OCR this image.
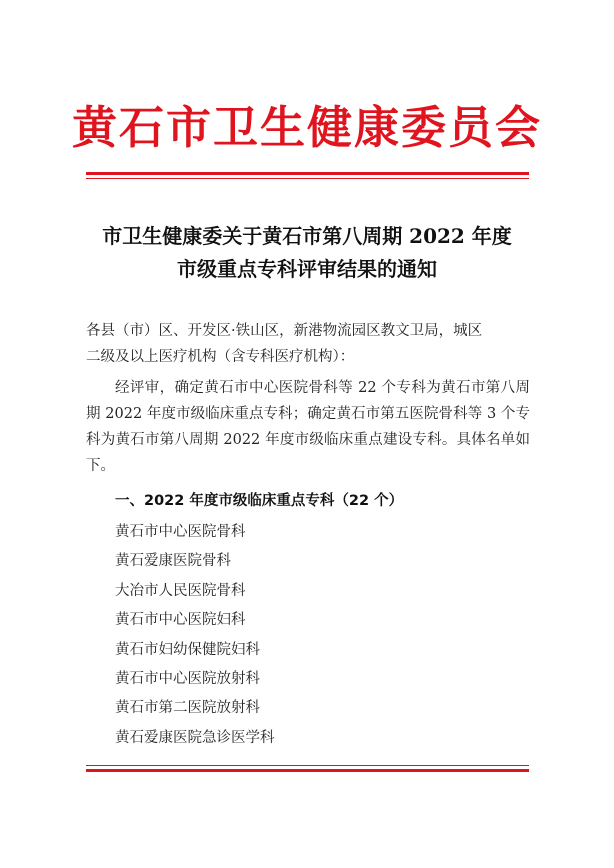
黄石市卫生健康委员会
市卫生健康委关于黄石市第八周期 2022 年度
市级重点专科评审结果的通知
各县（市）区、开发区·铁山区，新港物流园区教文卫局，城区
二级及以上医疗机构（含专科医疗机构）：
经评审，确定黄石市中心医院骨科等 22 个专科为黄石市第八周期 2022 年度市级临床重点专科；确定黄石市第五医院骨科等 3 个专科为黄石市第八周期 2022 年度市级临床重点建设专科。具体名单如下。
一、2022 年度市级临床重点专科（22 个）
黄石市中心医院骨科
黄石爱康医院骨科
大冶市人民医院骨科
黄石市中心医院妇科
黄石市妇幼保健院妇科
黄石市中心医院放射科
黄石市第二医院放射科
黄石爱康医院急诊医学科
